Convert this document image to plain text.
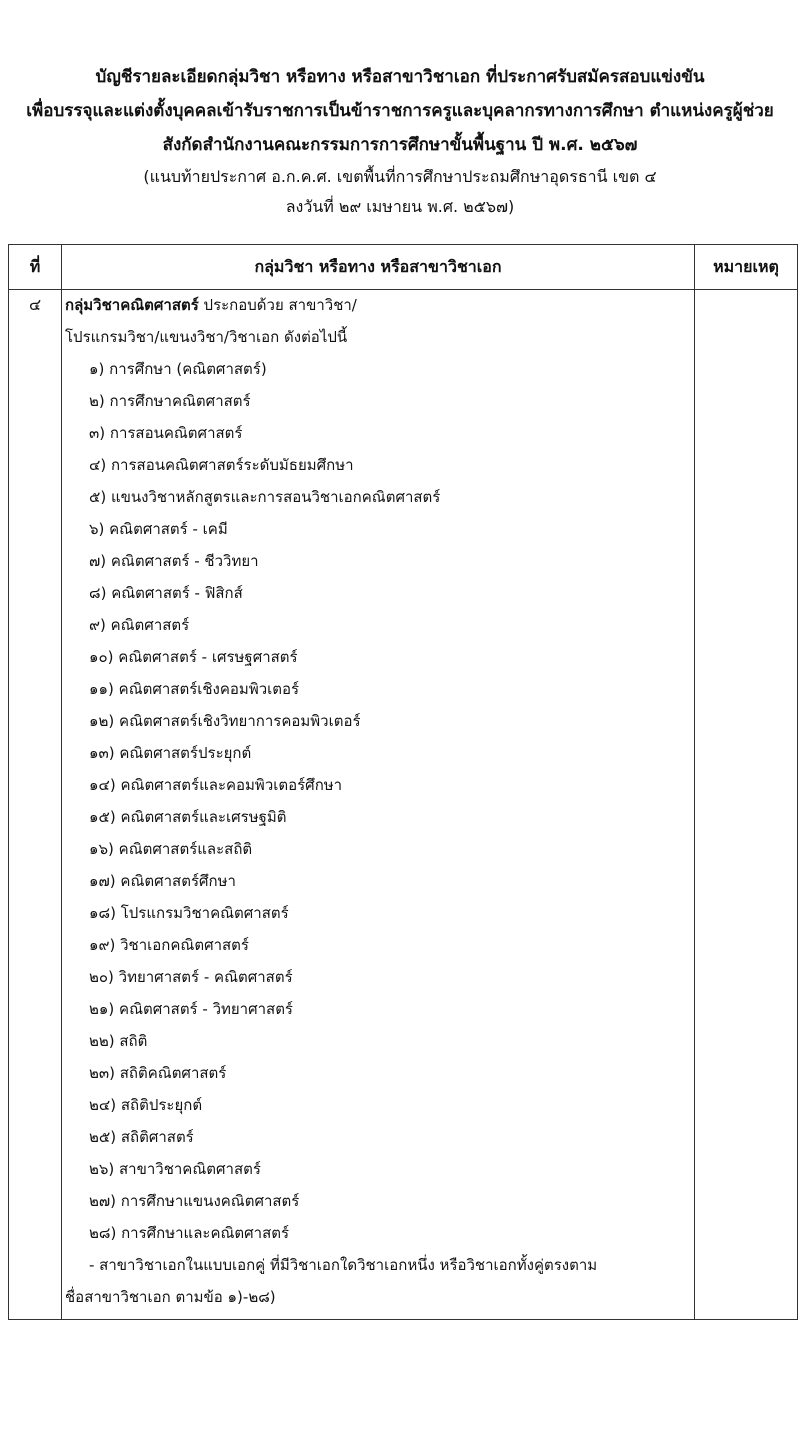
บัญชีรายละเอียดกลุ่มวิชา หรือทาง หรือสาขาวิชาเอก ที่ประกาศรับสมัครสอบแข่งขัน
เพื่อบรรจุและแต่งตั้งบุคคลเข้ารับราชการเป็นข้าราชการครูและบุคลากรทางการศึกษา ตำแหน่งครูผู้ช่วย
สังกัดสำนักงานคณะกรรมการการศึกษาขั้นพื้นฐาน ปี พ.ศ. ๒๕๖๗
(แนบท้ายประกาศ อ.ก.ค.ศ. เขตพื้นที่การศึกษาประถมศึกษาอุดรธานี เขต ๔
ลงวันที่ ๒๙ เมษายน พ.ศ. ๒๕๖๗)
ที่	กลุ่มวิชา หรือทาง หรือสาขาวิชาเอก	หมายเหตุ
๔	กลุ่มวิชาคณิตศาสตร์ ประกอบด้วย สาขาวิชา/
โปรแกรมวิชา/แขนงวิชา/วิชาเอก ดังต่อไปนี้
๑) การศึกษา (คณิตศาสตร์)
๒) การศึกษาคณิตศาสตร์
๓) การสอนคณิตศาสตร์
๔) การสอนคณิตศาสตร์ระดับมัธยมศึกษา
๕) แขนงวิชาหลักสูตรและการสอนวิชาเอกคณิตศาสตร์
๖) คณิตศาสตร์ - เคมี
๗) คณิตศาสตร์ - ชีววิทยา
๘) คณิตศาสตร์ - ฟิสิกส์
๙) คณิตศาสตร์
๑๐) คณิตศาสตร์ - เศรษฐศาสตร์
๑๑) คณิตศาสตร์เชิงคอมพิวเตอร์
๑๒) คณิตศาสตร์เชิงวิทยาการคอมพิวเตอร์
๑๓) คณิตศาสตร์ประยุกต์
๑๔) คณิตศาสตร์และคอมพิวเตอร์ศึกษา
๑๕) คณิตศาสตร์และเศรษฐมิติ
๑๖) คณิตศาสตร์และสถิติ
๑๗) คณิตศาสตร์ศึกษา
๑๘) โปรแกรมวิชาคณิตศาสตร์
๑๙) วิชาเอกคณิตศาสตร์
๒๐) วิทยาศาสตร์ - คณิตศาสตร์
๒๑) คณิตศาสตร์ - วิทยาศาสตร์
๒๒) สถิติ
๒๓) สถิติคณิตศาสตร์
๒๔) สถิติประยุกต์
๒๕) สถิติศาสตร์
๒๖) สาขาวิชาคณิตศาสตร์
๒๗) การศึกษาแขนงคณิตศาสตร์
๒๘) การศึกษาและคณิตศาสตร์
- สาขาวิชาเอกในแบบเอกคู่ ที่มีวิชาเอกใดวิชาเอกหนึ่ง หรือวิชาเอกทั้งคู่ตรงตาม
ชื่อสาขาวิชาเอก ตามข้อ ๑)-๒๘)
